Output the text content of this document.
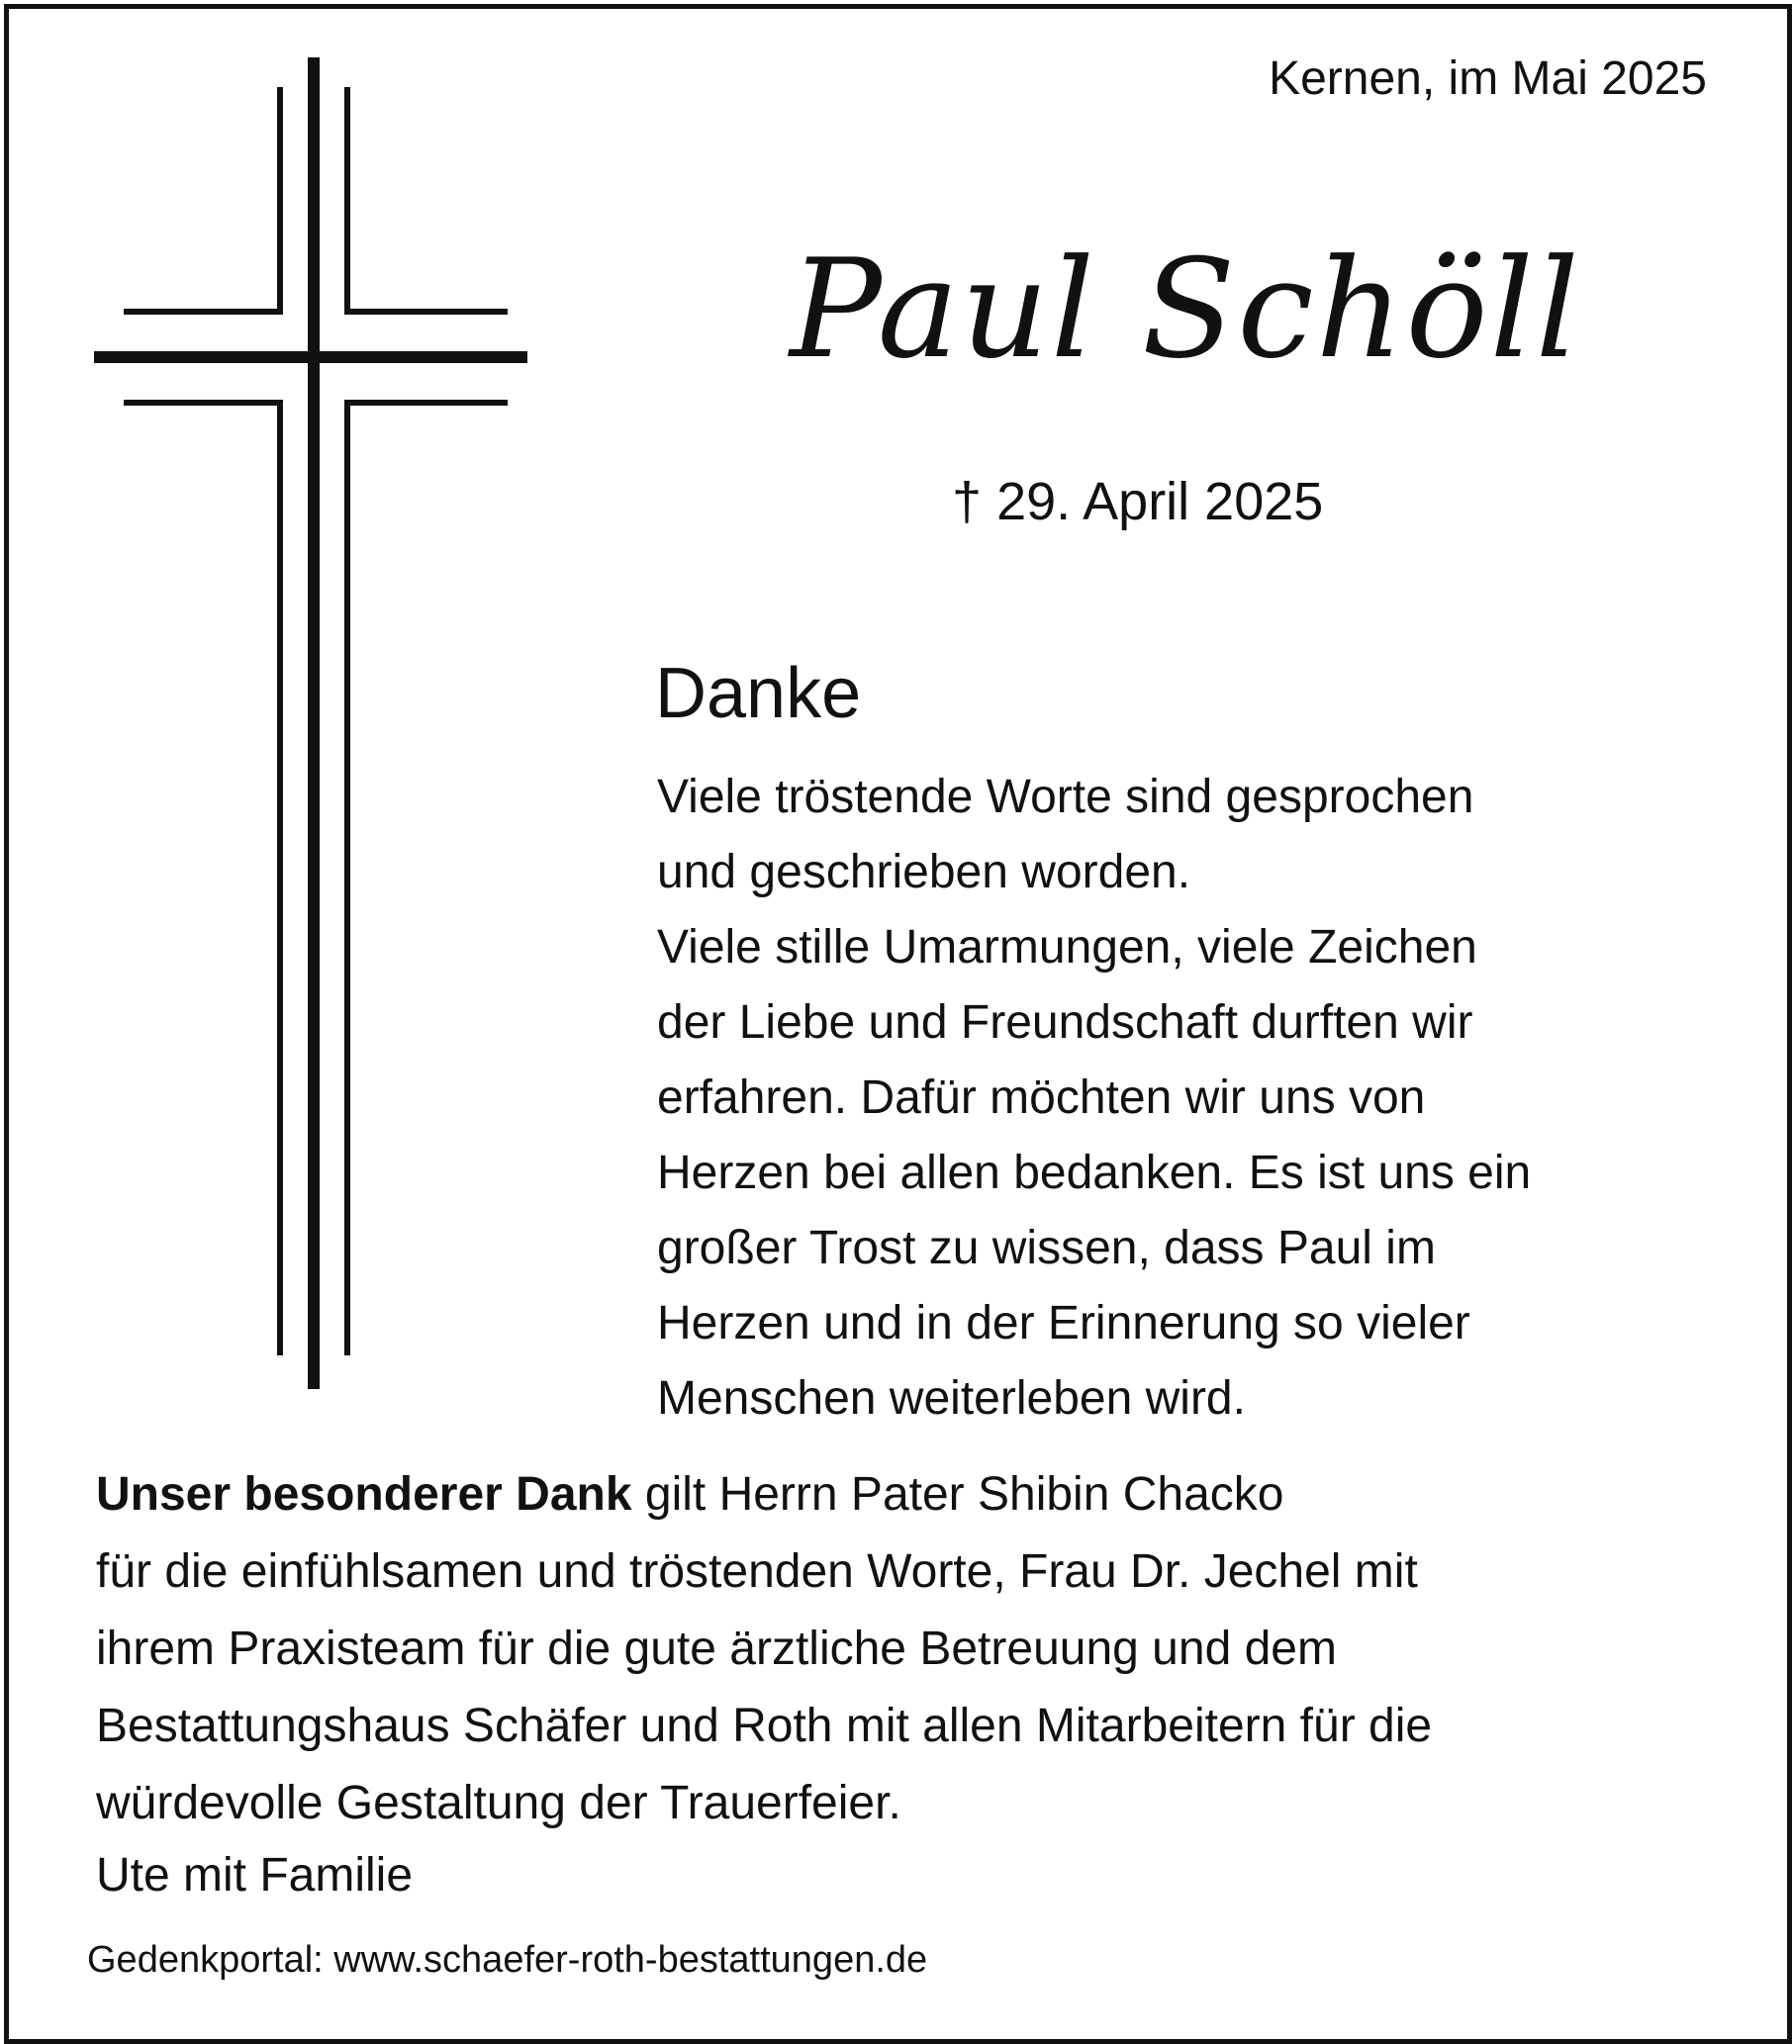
Kernen, im Mai 2025
Paul Schöll
† 29. April 2025
Danke
Viele tröstende Worte sind gesprochen
und geschrieben worden.
Viele stille Umarmungen, viele Zeichen
der Liebe und Freundschaft durften wir
erfahren. Dafür möchten wir uns von
Herzen bei allen bedanken. Es ist uns ein
großer Trost zu wissen, dass Paul im
Herzen und in der Erinnerung so vieler
Menschen weiterleben wird.
Unser besonderer Dank gilt Herrn Pater Shibin Chacko
für die einfühlsamen und tröstenden Worte, Frau Dr. Jechel mit
ihrem Praxisteam für die gute ärztliche Betreuung und dem
Bestattungshaus Schäfer und Roth mit allen Mitarbeitern für die
würdevolle Gestaltung der Trauerfeier.
Ute mit Familie
Gedenkportal: www.schaefer-roth-bestattungen.de
